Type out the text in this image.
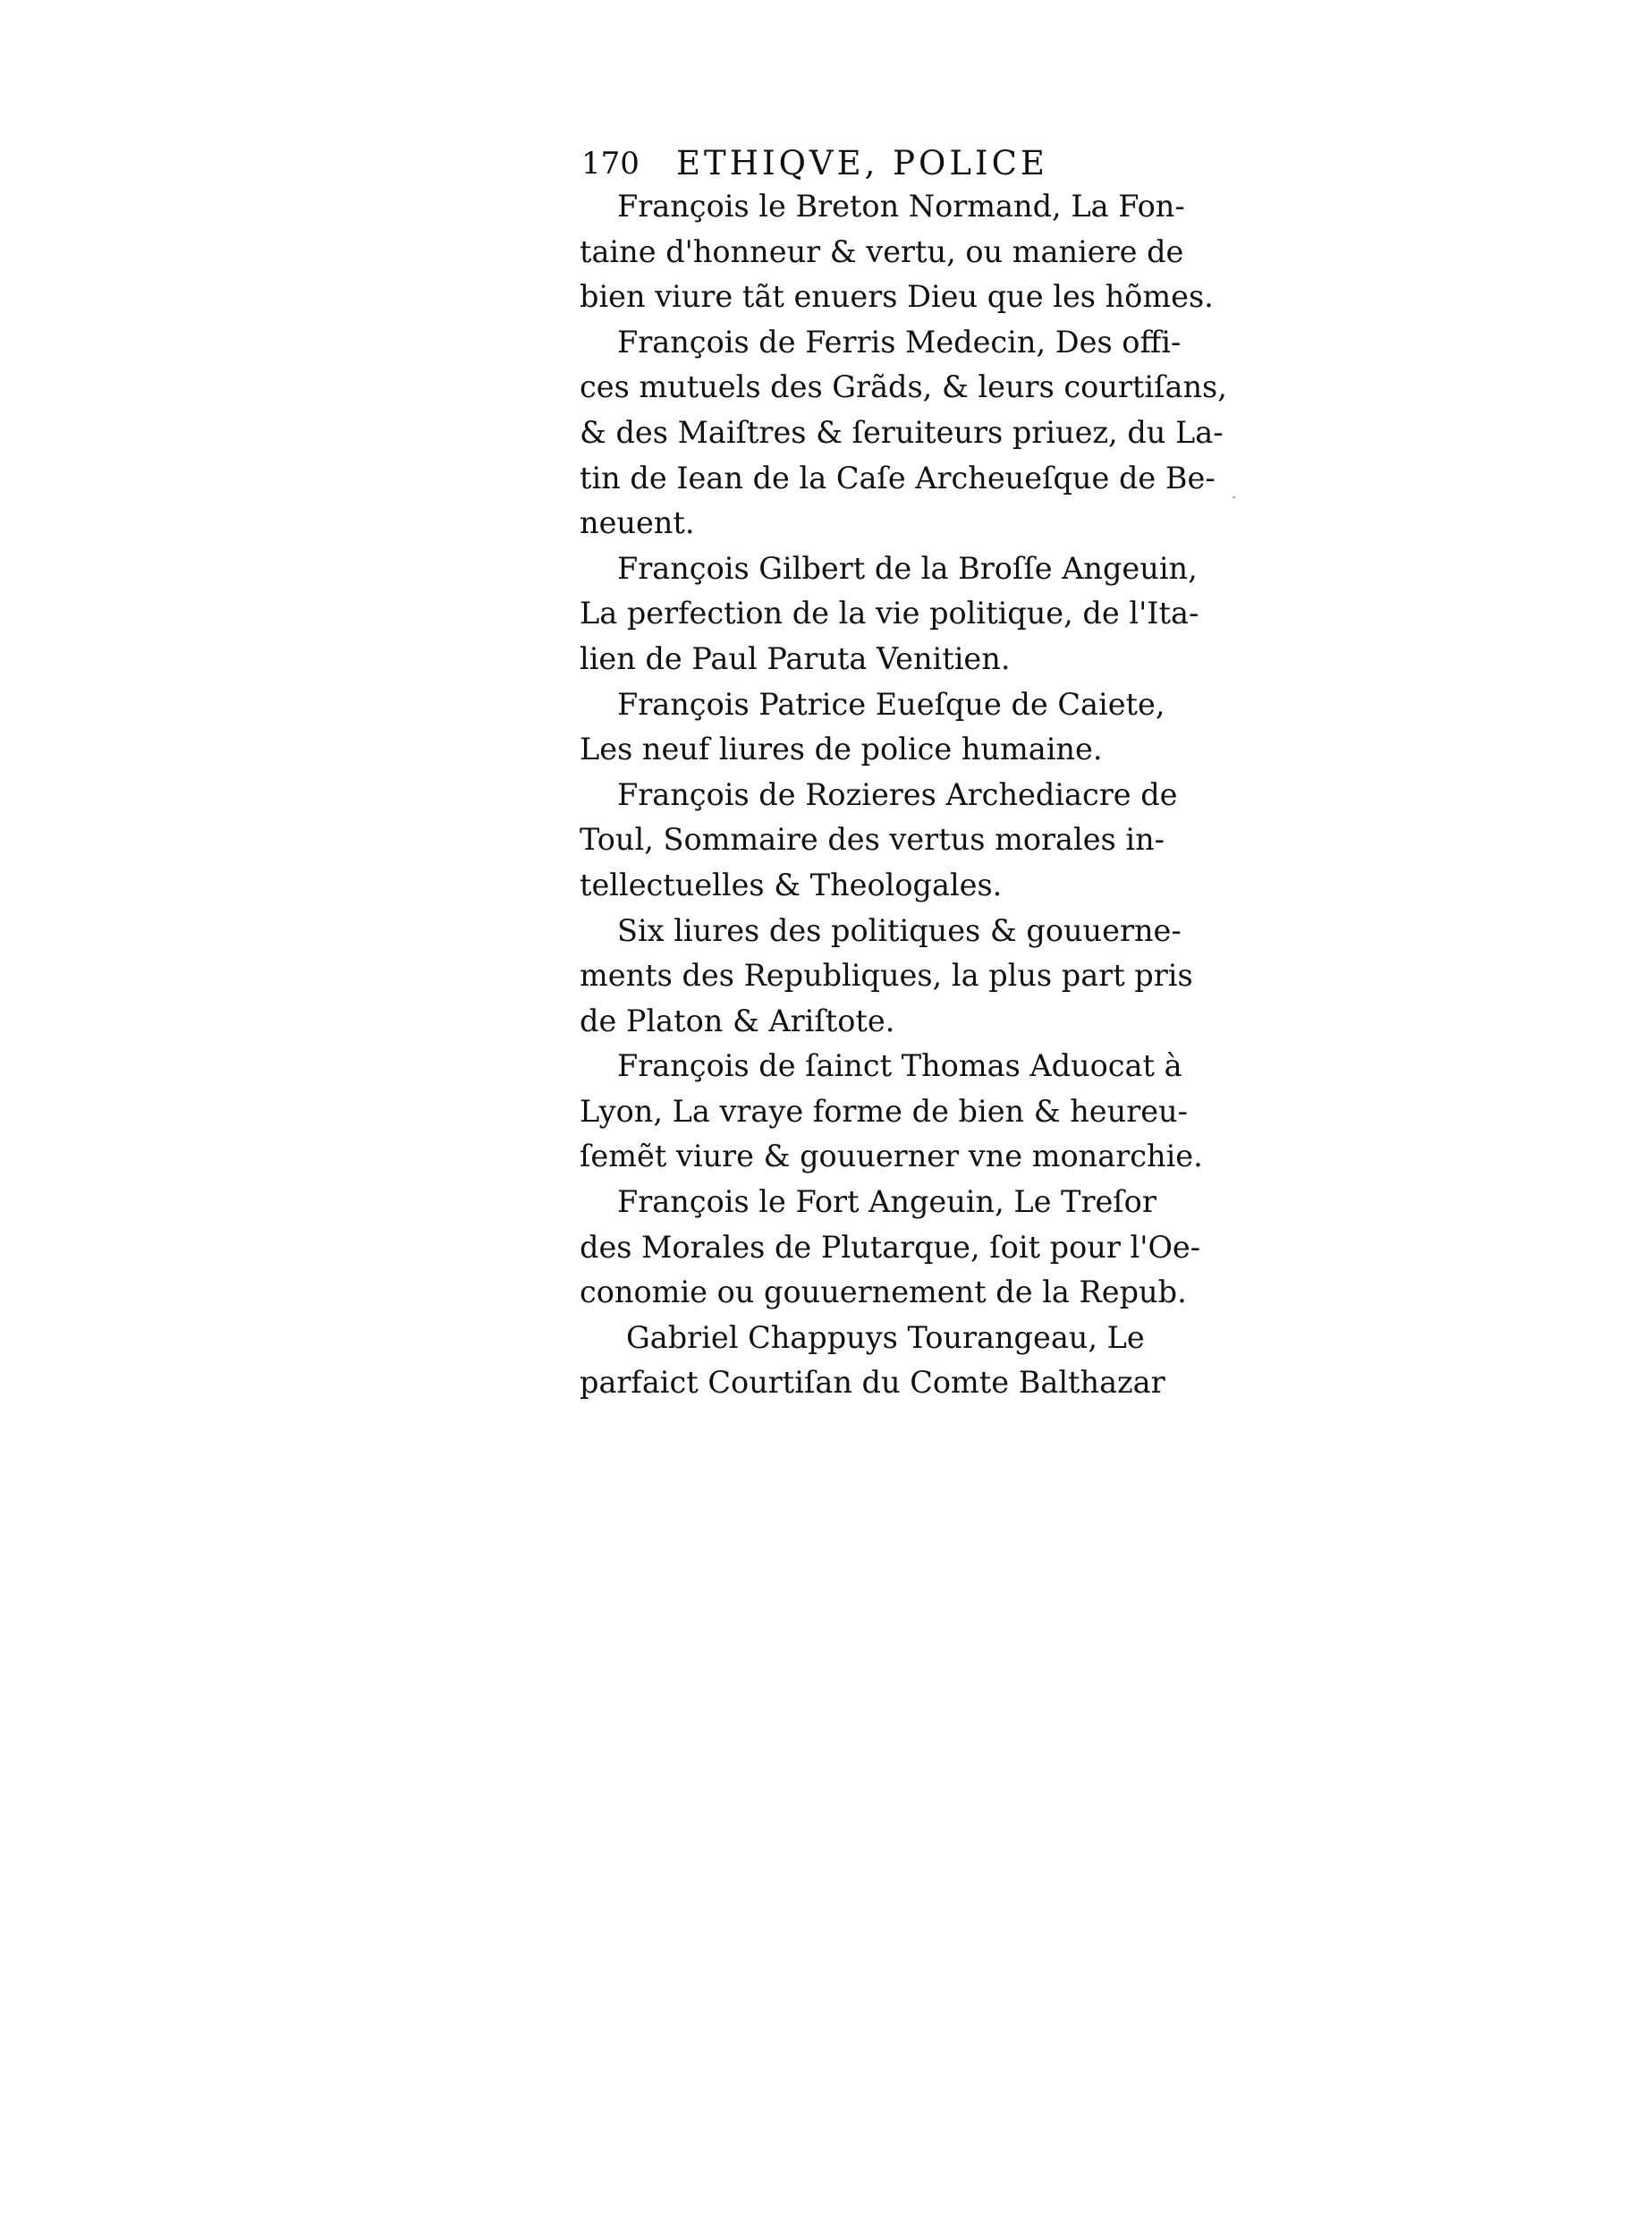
170 ETHIQVE, POLICE
François le Breton Normand, La Fon-
taine d'honneur & vertu, ou maniere de
bien viure tãt enuers Dieu que les hõmes.
François de Ferris Medecin, Des offi-
ces mutuels des Grãds, & leurs courtiſans,
& des Maiſtres & ſeruiteurs priuez, du La-
tin de Iean de la Caſe Archeueſque de Be-
neuent.
François Gilbert de la Broſſe Angeuin,
La perfection de la vie politique, de l'Ita-
lien de Paul Paruta Venitien.
François Patrice Eueſque de Caiete,
Les neuf liures de police humaine.
François de Rozieres Archediacre de
Toul, Sommaire des vertus morales in-
tellectuelles & Theologales.
Six liures des politiques & gouuerne-
ments des Republiques, la plus part pris
de Platon & Ariſtote.
François de ſainct Thomas Aduocat à
Lyon, La vraye forme de bien & heureu-
ſemẽt viure & gouuerner vne monarchie.
François le Fort Angeuin, Le Treſor
des Morales de Plutarque, ſoit pour l'Oe-
conomie ou gouuernement de la Repub.
Gabriel Chappuys Tourangeau, Le
parfaict Courtiſan du Comte Balthazar
